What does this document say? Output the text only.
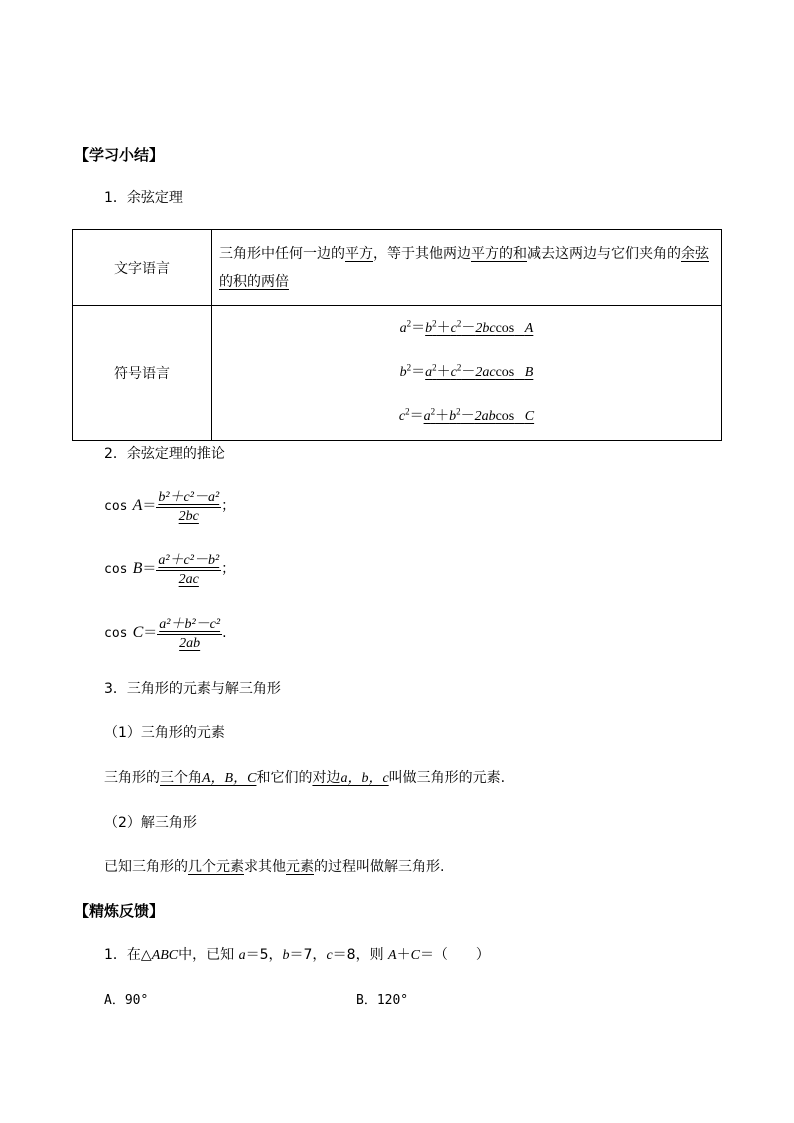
【学习小结】
1．余弦定理
文字语言	三角形中任何一边的平方，等于其他两边平方的和减去这两边与它们夹角的余弦的积的两倍
符号语言	$a^2=b^2+c^2-2bccos$ A
$b^2=a^2+c^2-2accos$ B
$c^2=a^2+b^2-2abcos$ C
2．余弦定理的推论
$\cos A= \frac{\text{b²＋c²－a²}}{2bc}$ ；
$\cos B= \frac{\text{a²＋c²－b²}}{2ac}$ ；
$\cos C= \frac{\text{a²＋b²－c²}}{2ab}$ .
3．三角形的元素与解三角形
（1）三角形的元素
三角形的三个角A，B，C和它们的对边a，b，c叫做三角形的元素.
（2）解三角形
已知三角形的几个元素求其他元素的过程叫做解三角形.
【精炼反馈】
1．在△ABC中，已知 a＝5，b＝7，c＝8，则 A＋C＝（　　）
A．90°	B．120°
